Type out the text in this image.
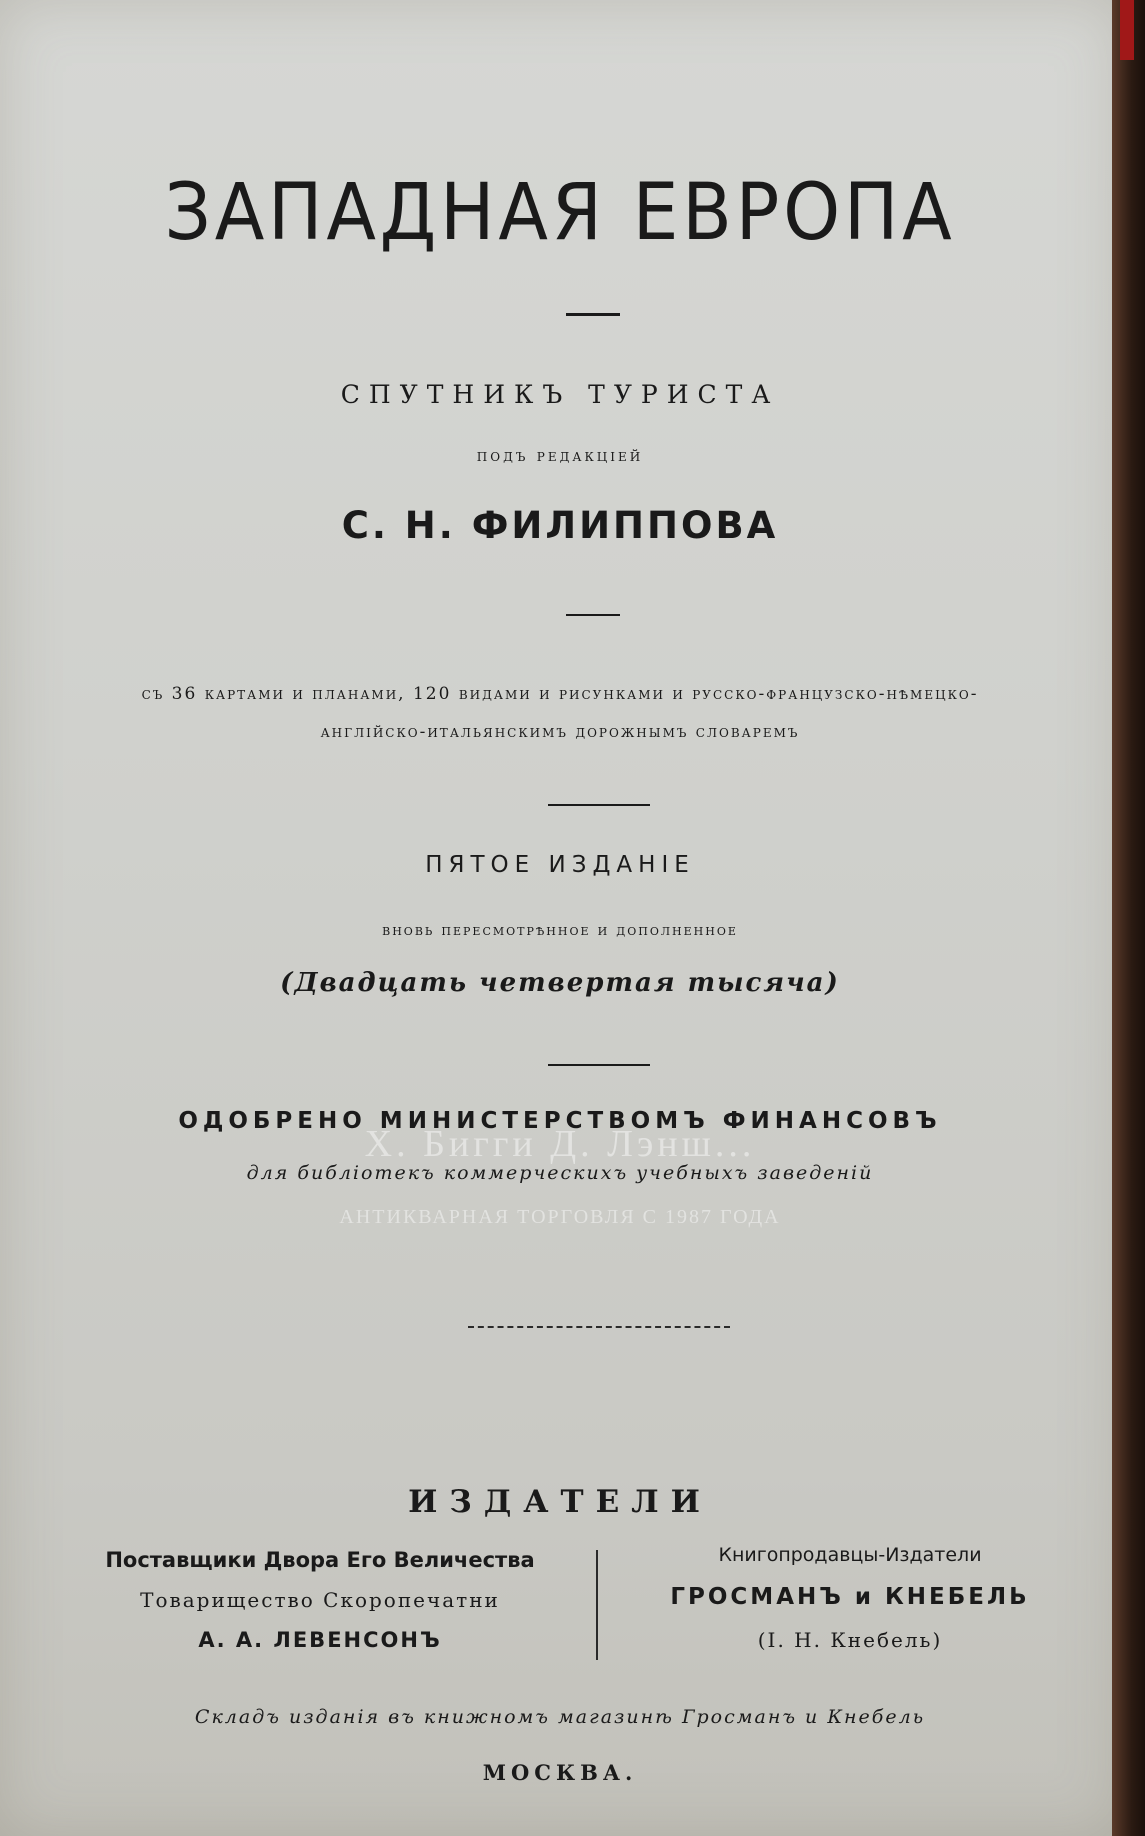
ЗАПАДНАЯ ЕВРОПА
СПУТНИКЪ ТУРИСТА
подъ редакціей
С. Н. ФИЛИППОВА
съ 36 картами и планами, 120 видами и рисунками и русско-французско-нѣмецко-
англійско-итальянскимъ дорожнымъ словаремъ
ПЯТОЕ ИЗДАНІЕ
вновь пересмотрѣнное и дополненное
(Двадцать четвертая тысяча)
Х. Бигги Д. Лэнш...
АНТИКВАРНАЯ ТОРГОВЛЯ С 1987 ГОДА
ОДОБРЕНО МИНИСТЕРСТВОМЪ ФИНАНСОВЪ
для библіотекъ коммерческихъ учебныхъ заведеній
ИЗДАТЕЛИ
Поставщики Двора Его Величества
Товарищество Скоропечатни
А. А. ЛЕВЕНСОНЪ
Книгопродавцы-Издатели
ГРОСМАНЪ и КНЕБЕЛЬ
(І. Н. Кнебель)
Складъ изданія въ книжномъ магазинѣ Гросманъ и Кнебель
МОСКВА.
